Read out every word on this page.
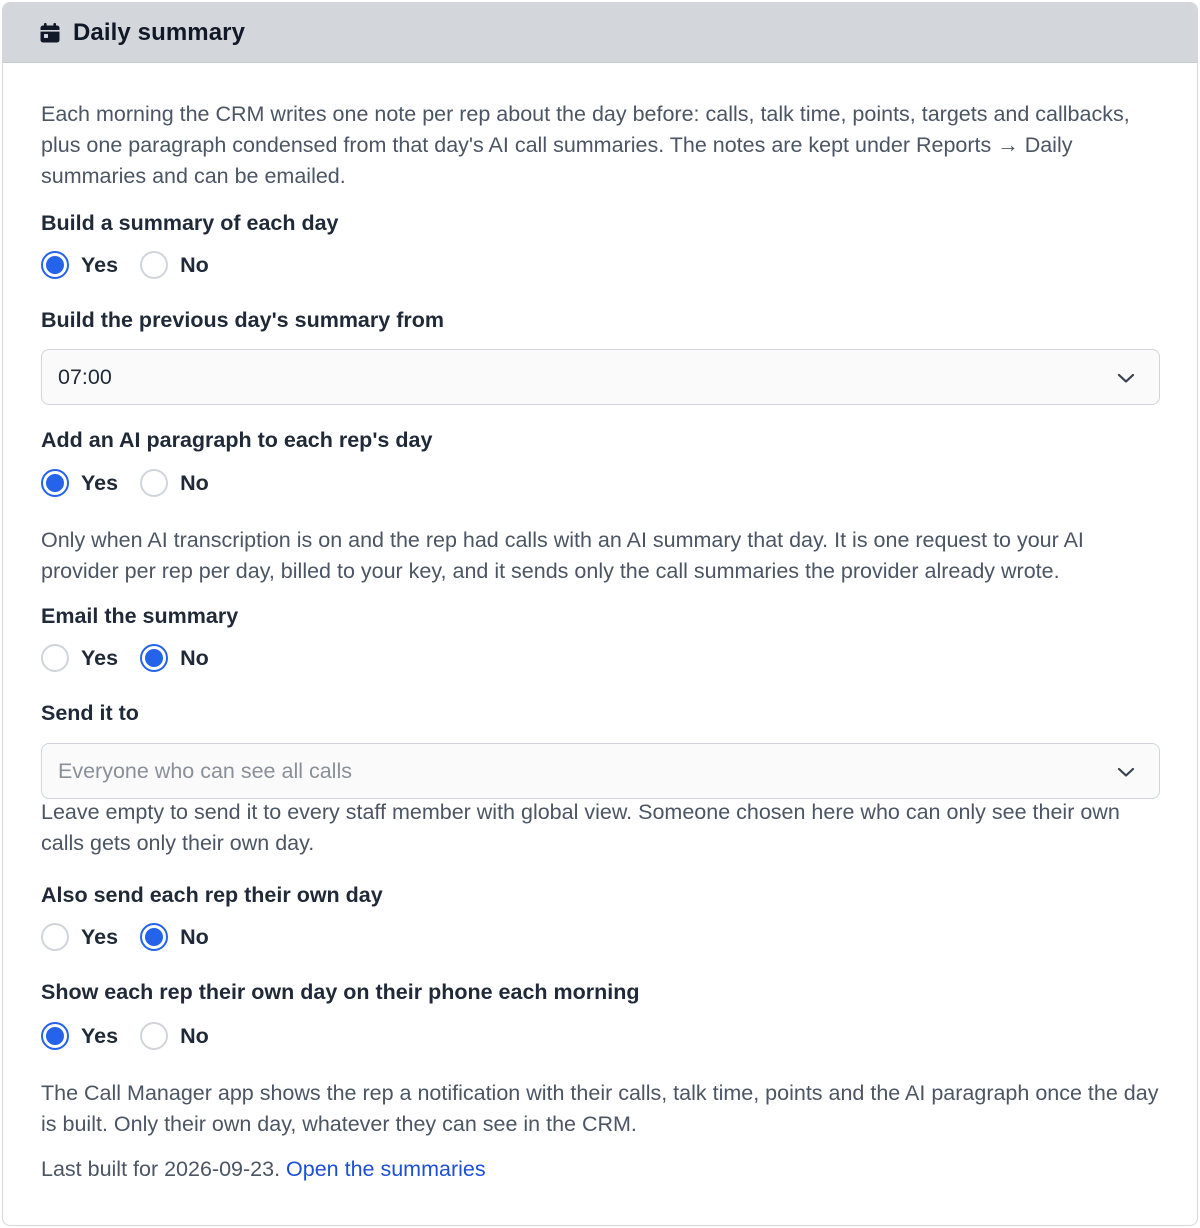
Daily summary

Each morning the CRM writes one note per rep about the day before: calls, talk time, points, targets and callbacks, plus one paragraph condensed from that day's AI call summaries. The notes are kept under Reports → Daily summaries and can be emailed.

Build a summary of each day
Yes	No
Build the previous day's summary from
07:00
Add an AI paragraph to each rep's day
Yes	No

Only when AI transcription is on and the rep had calls with an AI summary that day. It is one request to your AI provider per rep per day, billed to your key, and it sends only the call summaries the provider already wrote.

Email the summary
Yes	No
Send it to
Everyone who can see all calls

Leave empty to send it to every staff member with global view. Someone chosen here who can only see their own calls gets only their own day.

Also send each rep their own day
Yes	No
Show each rep their own day on their phone each morning
Yes	No

The Call Manager app shows the rep a notification with their calls, talk time, points and the AI paragraph once the day is built. Only their own day, whatever they can see in the CRM.

Last built for 2026-09-23. Open the summaries
